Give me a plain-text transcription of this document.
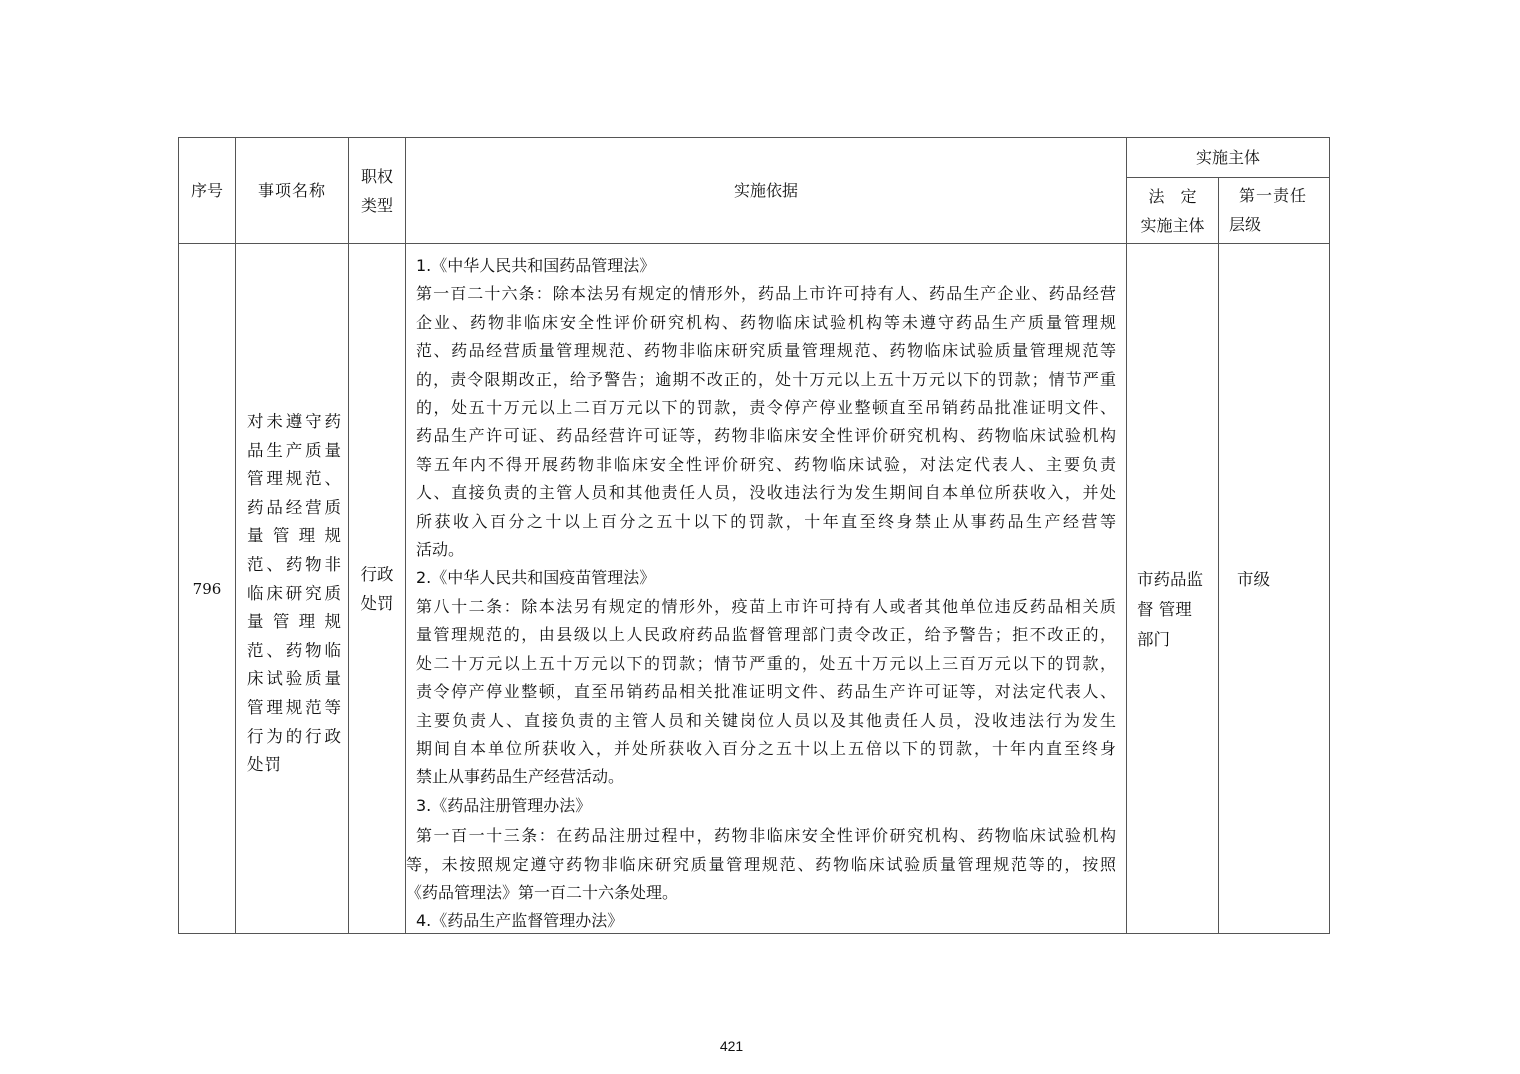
序号 事项名称
职权
类型
实施依据
实施主体
法　定
实施主体
第一责任
层级
796
对未遵守药
品生产质量
管理规范、
药品经营质
量管理规
范、药物非
临床研究质
量管理规
范、药物临
床试验质量
管理规范等
行为的行政
处罚
行政
处罚
1.《中华人民共和国药品管理法》
第一百二十六条：除本法另有规定的情形外，药品上市许可持有人、药品生产企业、药品经营
企业、药物非临床安全性评价研究机构、药物临床试验机构等未遵守药品生产质量管理规
范、药品经营质量管理规范、药物非临床研究质量管理规范、药物临床试验质量管理规范等
的，责令限期改正，给予警告；逾期不改正的，处十万元以上五十万元以下的罚款；情节严重
的，处五十万元以上二百万元以下的罚款，责令停产停业整顿直至吊销药品批准证明文件、
药品生产许可证、药品经营许可证等，药物非临床安全性评价研究机构、药物临床试验机构
等五年内不得开展药物非临床安全性评价研究、药物临床试验，对法定代表人、主要负责
人、直接负责的主管人员和其他责任人员，没收违法行为发生期间自本单位所获收入，并处
所获收入百分之十以上百分之五十以下的罚款，十年直至终身禁止从事药品生产经营等
活动。
2.《中华人民共和国疫苗管理法》
第八十二条：除本法另有规定的情形外，疫苗上市许可持有人或者其他单位违反药品相关质
量管理规范的，由县级以上人民政府药品监督管理部门责令改正，给予警告；拒不改正的，
处二十万元以上五十万元以下的罚款；情节严重的，处五十万元以上三百万元以下的罚款，
责令停产停业整顿，直至吊销药品相关批准证明文件、药品生产许可证等，对法定代表人、
主要负责人、直接负责的主管人员和关键岗位人员以及其他责任人员，没收违法行为发生
期间自本单位所获收入，并处所获收入百分之五十以上五倍以下的罚款，十年内直至终身
禁止从事药品生产经营活动。
3.《药品注册管理办法》
第一百一十三条：在药品注册过程中，药物非临床安全性评价研究机构、药物临床试验机构
等，未按照规定遵守药物非临床研究质量管理规范、药物临床试验质量管理规范等的，按照
《药品管理法》第一百二十六条处理。
4.《药品生产监督管理办法》
市药品监
督 管理
部门
市级
421
